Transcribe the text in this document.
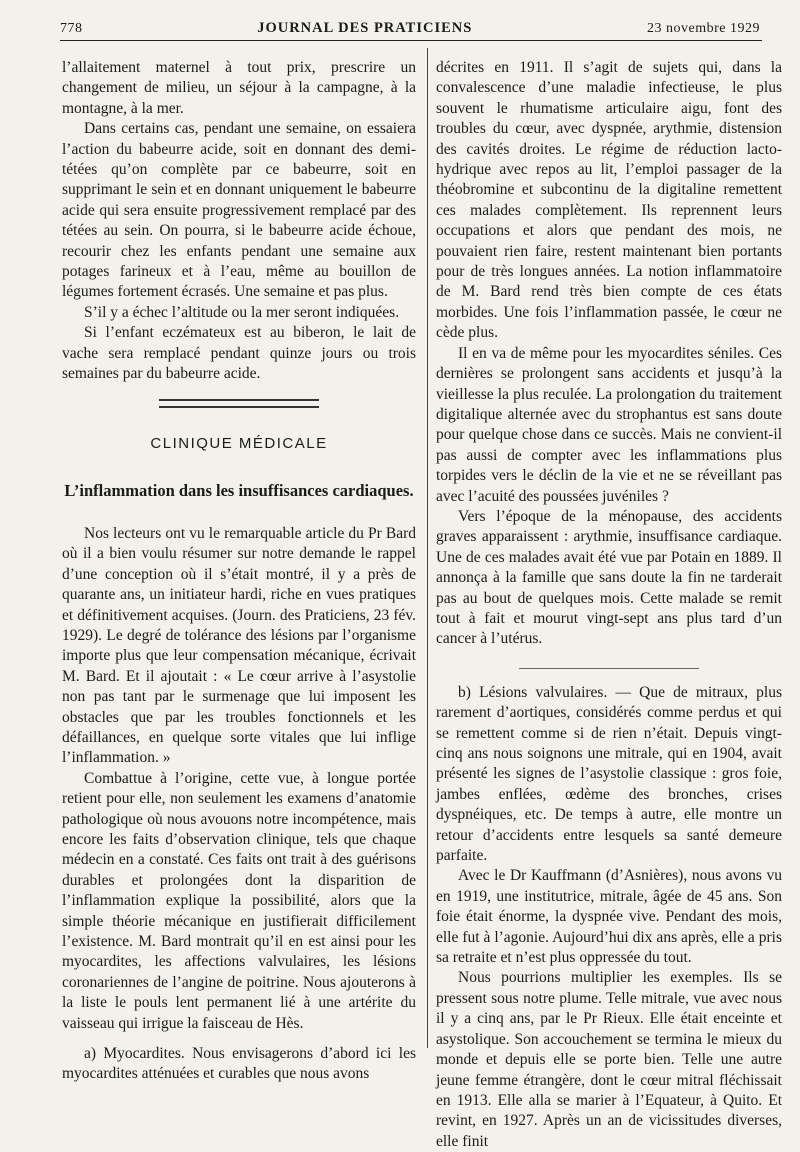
778	JOURNAL DES PRATICIENS	23 novembre 1929

l’allaitement maternel à tout prix, prescrire un changement de milieu, un séjour à la campagne, à la montagne, à la mer.

Dans certains cas, pendant une semaine, on essaiera l’action du babeurre acide, soit en donnant des demi-tétées qu’on complète par ce babeurre, soit en supprimant le sein et en donnant uniquement le babeurre acide qui sera ensuite progressivement remplacé par des tétées au sein. On pourra, si le babeurre acide échoue, recourir chez les enfants pendant une semaine aux potages farineux et à l’eau, même au bouillon de légumes fortement écrasés. Une semaine et pas plus.

S’il y a échec l’altitude ou la mer seront indiquées.

Si l’enfant eczémateux est au biberon, le lait de vache sera remplacé pendant quinze jours ou trois semaines par du babeurre acide.

CLINIQUE MÉDICALE
L’inflammation dans les insuffisances cardiaques.

Nos lecteurs ont vu le remarquable article du Pr Bard où il a bien voulu résumer sur notre demande le rappel d’une conception où il s’était montré, il y a près de quarante ans, un initiateur hardi, riche en vues pratiques et définitivement acquises. (Journ. des Praticiens, 23 fév. 1929). Le degré de tolérance des lésions par l’organisme importe plus que leur compensation mécanique, écrivait M. Bard. Et il ajoutait : « Le cœur arrive à l’asystolie non pas tant par le surmenage que lui imposent les obstacles que par les troubles fonctionnels et les défaillances, en quelque sorte vitales que lui inflige l’inflammation. »

Combattue à l’origine, cette vue, à longue portée retient pour elle, non seulement les examens d’anatomie pathologique où nous avouons notre incompétence, mais encore les faits d’observation clinique, tels que chaque médecin en a constaté. Ces faits ont trait à des guérisons durables et prolongées dont la disparition de l’inflammation explique la possibilité, alors que la simple théorie mécanique en justifierait difficilement l’existence. M. Bard montrait qu’il en est ainsi pour les myocardites, les affections valvulaires, les lésions coronariennes de l’angine de poitrine. Nous ajouterons à la liste le pouls lent permanent lié à une artérite du vaisseau qui irrigue la faisceau de Hès.

a) Myocardites. Nous envisagerons d’abord ici les myocardites atténuées et curables que nous avons

décrites en 1911. Il s’agit de sujets qui, dans la convalescence d’une maladie infectieuse, le plus souvent le rhumatisme articulaire aigu, font des troubles du cœur, avec dyspnée, arythmie, distension des cavités droites. Le régime de réduction lacto-hydrique avec repos au lit, l’emploi passager de la théobromine et subcontinu de la digitaline remettent ces malades complètement. Ils reprennent leurs occupations et alors que pendant des mois, ne pouvaient rien faire, restent maintenant bien portants pour de très longues années. La notion inflammatoire de M. Bard rend très bien compte de ces états morbides. Une fois l’inflammation passée, le cœur ne cède plus.

Il en va de même pour les myocardites séniles. Ces dernières se prolongent sans accidents et jusqu’à la vieillesse la plus reculée. La prolongation du traitement digitalique alternée avec du strophantus est sans doute pour quelque chose dans ce succès. Mais ne convient-il pas aussi de compter avec les inflammations plus torpides vers le déclin de la vie et ne se réveillant pas avec l’acuité des poussées juvéniles ?

Vers l’époque de la ménopause, des accidents graves apparaissent : arythmie, insuffisance cardiaque. Une de ces malades avait été vue par Potain en 1889. Il annonça à la famille que sans doute la fin ne tarderait pas au bout de quelques mois. Cette malade se remit tout à fait et mourut vingt-sept ans plus tard d’un cancer à l’utérus.

b) Lésions valvulaires. — Que de mitraux, plus rarement d’aortiques, considérés comme perdus et qui se remettent comme si de rien n’était. Depuis vingt-cinq ans nous soignons une mitrale, qui en 1904, avait présenté les signes de l’asystolie classique : gros foie, jambes enflées, œdème des bronches, crises dyspnéiques, etc. De temps à autre, elle montre un retour d’accidents entre lesquels sa santé demeure parfaite.

Avec le Dr Kauffmann (d’Asnières), nous avons vu en 1919, une institutrice, mitrale, âgée de 45 ans. Son foie était énorme, la dyspnée vive. Pendant des mois, elle fut à l’agonie. Aujourd’hui dix ans après, elle a pris sa retraite et n’est plus oppressée du tout.

Nous pourrions multiplier les exemples. Ils se pressent sous notre plume. Telle mitrale, vue avec nous il y a cinq ans, par le Pr Rieux. Elle était enceinte et asystolique. Son accouchement se termina le mieux du monde et depuis elle se porte bien. Telle une autre jeune femme étrangère, dont le cœur mitral fléchissait en 1913. Elle alla se marier à l’Equateur, à Quito. Et revint, en 1927. Après un an de vicissitudes diverses, elle finit
